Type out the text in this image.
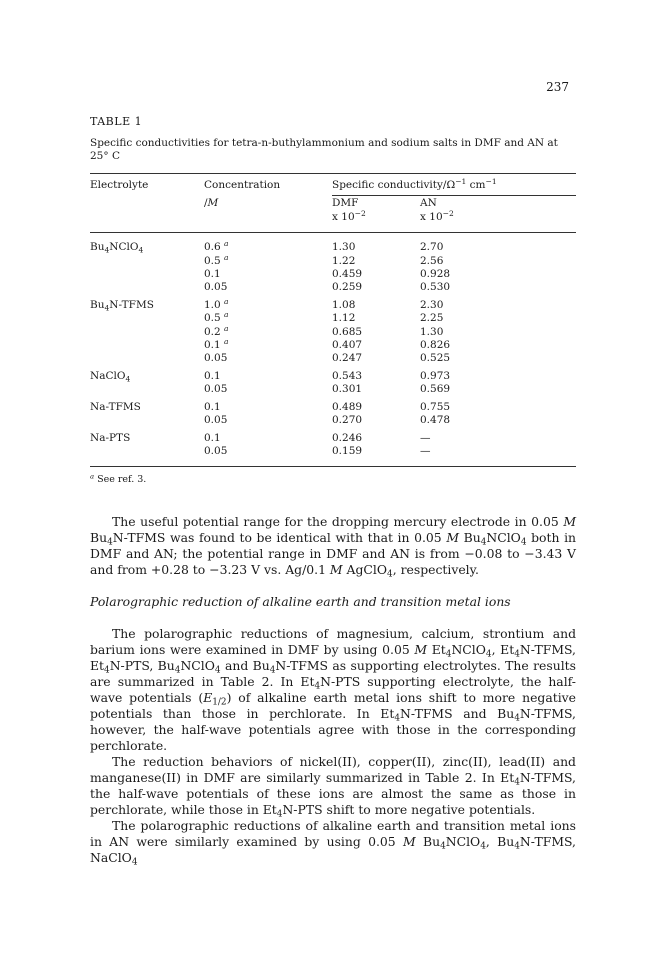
237
TABLE 1
Specific conductivities for tetra-n-buthylammonium and sodium salts in DMF and AN at 25° C
Electrolyte	Concentration	Specific conductivity/$\Omega^{-1}$ $cm^{-1}$
	/M	DMF	AN
		x $10^{-2}$	x $10^{-2}$
$Bu_4NClO_4$	0.6 $^a$	1.30	2.70
	0.5 $^a$	1.22	2.56
	0.1	0.459	0.928
	0.05	0.259	0.530
$Bu_4N$-TFMS	1.0 $^a$	1.08	2.30
	0.5 $^a$	1.12	2.25
	0.2 $^a$	0.685	1.30
	0.1 $^a$	0.407	0.826
	0.05	0.247	0.525
NaClO$_4$	0.1	0.543	0.973
	0.05	0.301	0.569
Na-TFMS	0.1	0.489	0.755
	0.05	0.270	0.478
Na-PTS	0.1	0.246	—
	0.05	0.159	—
$^a$ See ref. 3.

The useful potential range for the dropping mercury electrode in 0.05 M $Bu_4N$-TFMS was found to be identical with that in 0.05 M $Bu_4NClO_4$ both in DMF and AN; the potential range in DMF and AN is from −0.08 to −3.43 V and from +0.28 to −3.23 V vs. Ag/0.1 M AgClO$_4$, respectively.

Polarographic reduction of alkaline earth and transition metal ions

The polarographic reductions of magnesium, calcium, strontium and barium ions were examined in DMF by using 0.05 M $Et_4NClO_4$, $Et_4N$-TFMS, $Et_4N$-PTS, $Bu_4NClO_4$ and $Bu_4N$-TFMS as supporting electrolytes. The results are summarized in Table 2. In $Et_4N$-PTS supporting electrolyte, the half-wave potentials $(E_{1/2})$ of alkaline earth metal ions shift to more negative potentials than those in perchlorate. In $Et_4N$-TFMS and $Bu_4N$-TFMS, however, the half-wave potentials agree with those in the corresponding perchlorate.

The reduction behaviors of nickel(II), copper(II), zinc(II), lead(II) and manganese(II) in DMF are similarly summarized in Table 2. In $Et_4N$-TFMS, the half-wave potentials of these ions are almost the same as those in perchlorate, while those in $Et_4N$-PTS shift to more negative potentials.

The polarographic reductions of alkaline earth and transition metal ions in AN were similarly examined by using 0.05 M $Bu_4NClO_4$, $Bu_4N$-TFMS, NaClO$_4$
